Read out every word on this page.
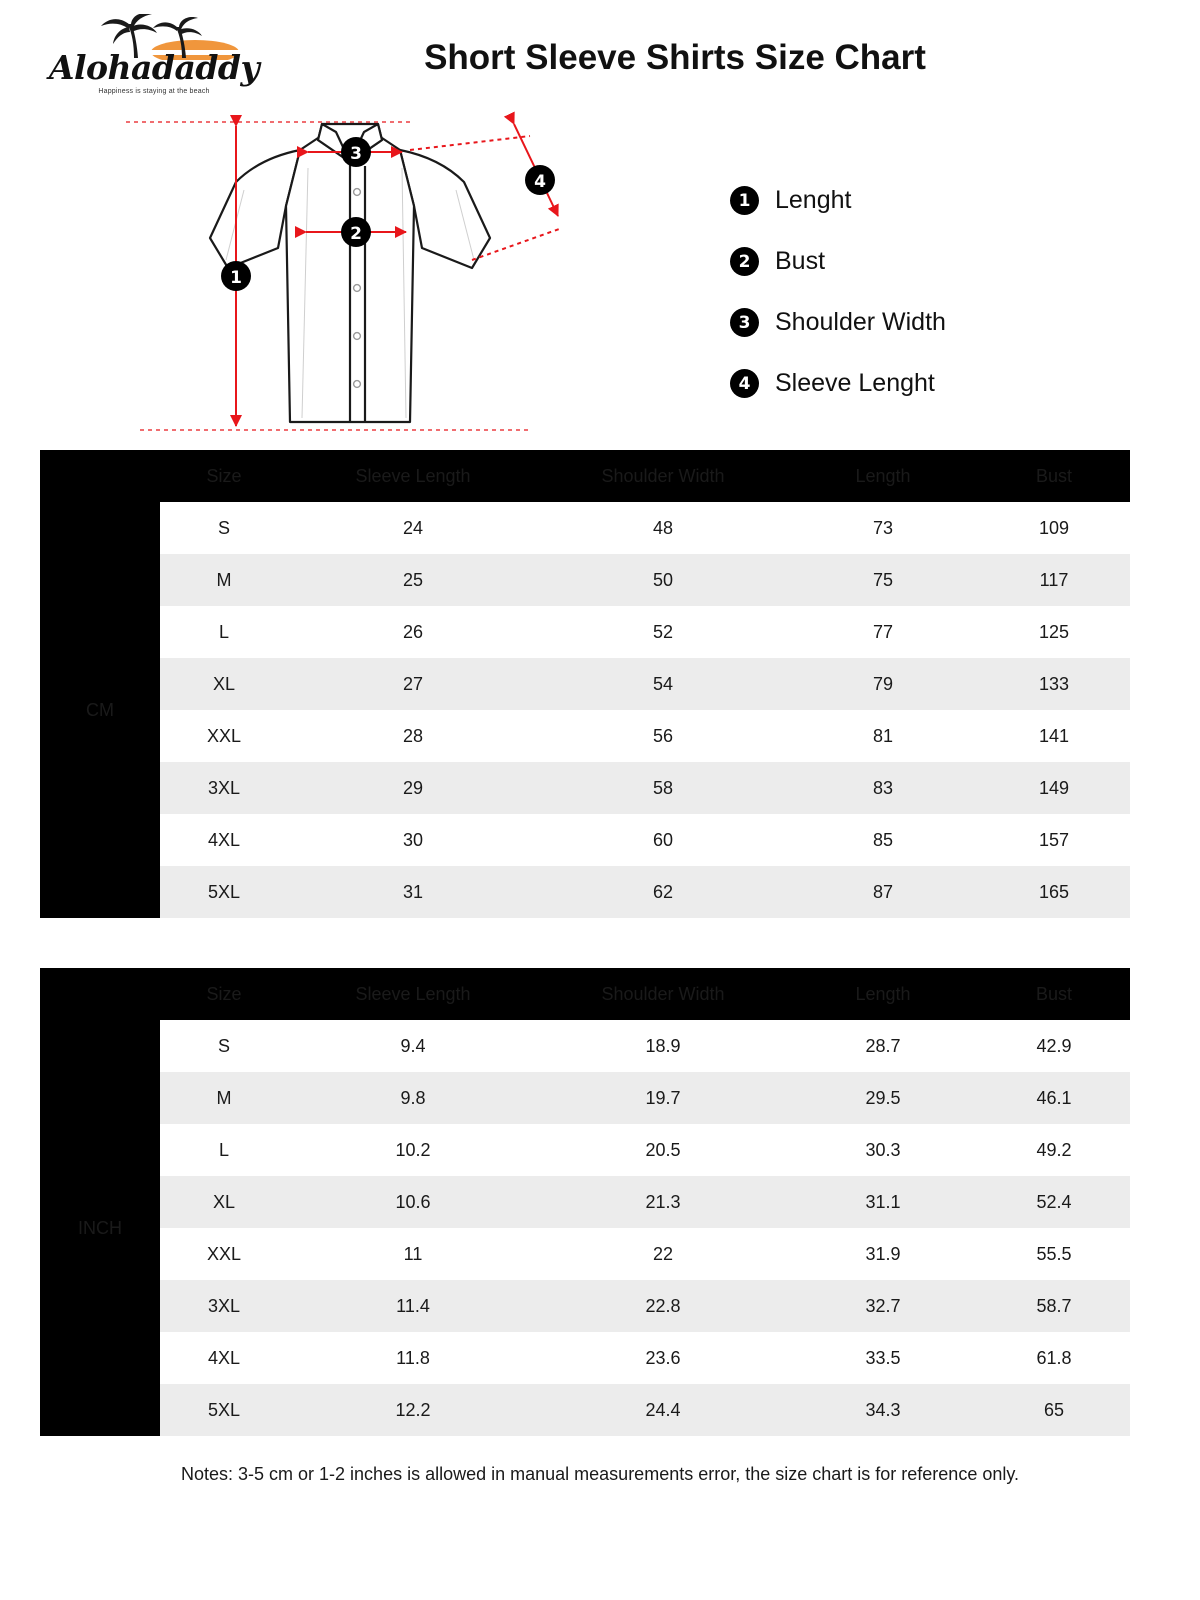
Alohadaddy
Happiness is staying at the beach
Short Sleeve Shirts Size Chart
1
2
3
4
1 Lenght
2 Bust
3 Shoulder Width
4 Sleeve Lenght
	Size	Sleeve Length	Shoulder Width	Length	Bust
CM	S	24	48	73	109
	M	25	50	75	117
	L	26	52	77	125
	XL	27	54	79	133
	XXL	28	56	81	141
	3XL	29	58	83	149
	4XL	30	60	85	157
	5XL	31	62	87	165
	Size	Sleeve Length	Shoulder Width	Length	Bust
INCH	S	9.4	18.9	28.7	42.9
	M	9.8	19.7	29.5	46.1
	L	10.2	20.5	30.3	49.2
	XL	10.6	21.3	31.1	52.4
	XXL	11	22	31.9	55.5
	3XL	11.4	22.8	32.7	58.7
	4XL	11.8	23.6	33.5	61.8
	5XL	12.2	24.4	34.3	65
Notes: 3-5 cm or 1-2 inches is allowed in manual measurements error, the size chart is for reference only.
